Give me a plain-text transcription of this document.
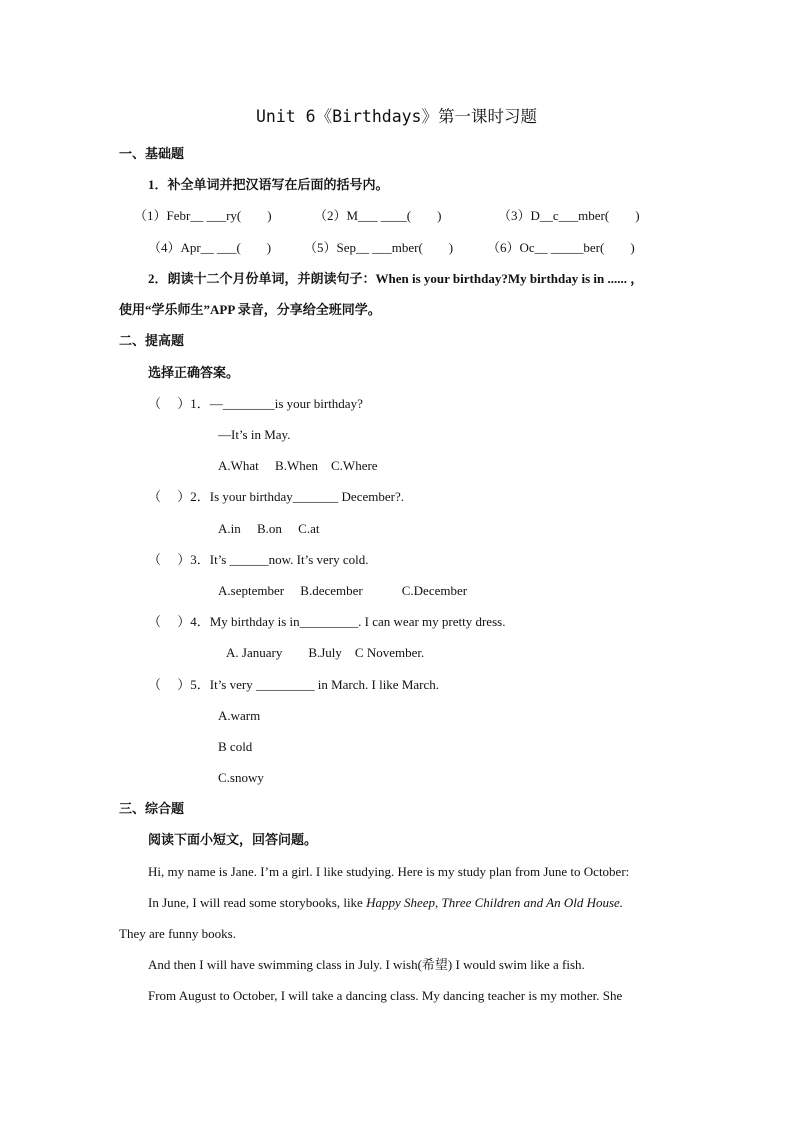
Unit 6《Birthdays》第一课时习题
一、基础题
1．补全单词并把汉语写在后面的括号内。
（1）Febr__ ___ry(　　)	（2）M___ ____(　　)	（3）D__c___mber(　　)
（4）Apr__ ___(　　)	（5）Sep__ ___mber(　　)	（6）Oc__ _____ber(　　)
2．朗读十二个月份单词，并朗读句子：When is your birthday?My birthday is in ...... ，
使用“学乐师生”APP 录音，分享给全班同学。
二、提高题
选择正确答案。
（　 ）1．—________is your birthday?
—It’s in May.
A.What　 B.When　C.Where
（　 ）2．Is your birthday_______ December?.
A.in　 B.on　 C.at
（　 ）3．It’s ______now. It’s very cold.
A.september　 B.december　　　C.December
（　 ）4．My birthday is in_________. I can wear my pretty dress.
A. January　　B.July　C November.
（　 ）5．It’s very _________ in March. I like March.
A.warm
B cold
C.snowy
三、综合题
阅读下面小短文，回答问题。
Hi, my name is Jane. I’m a girl. I like studying. Here is my study plan from June to October:
In June, I will read some storybooks, like Happy Sheep, Three Children and An Old House.
They are funny books.
And then I will have swimming class in July. I wish(希望) I would swim like a fish.
From August to October, I will take a dancing class. My dancing teacher is my mother. She
